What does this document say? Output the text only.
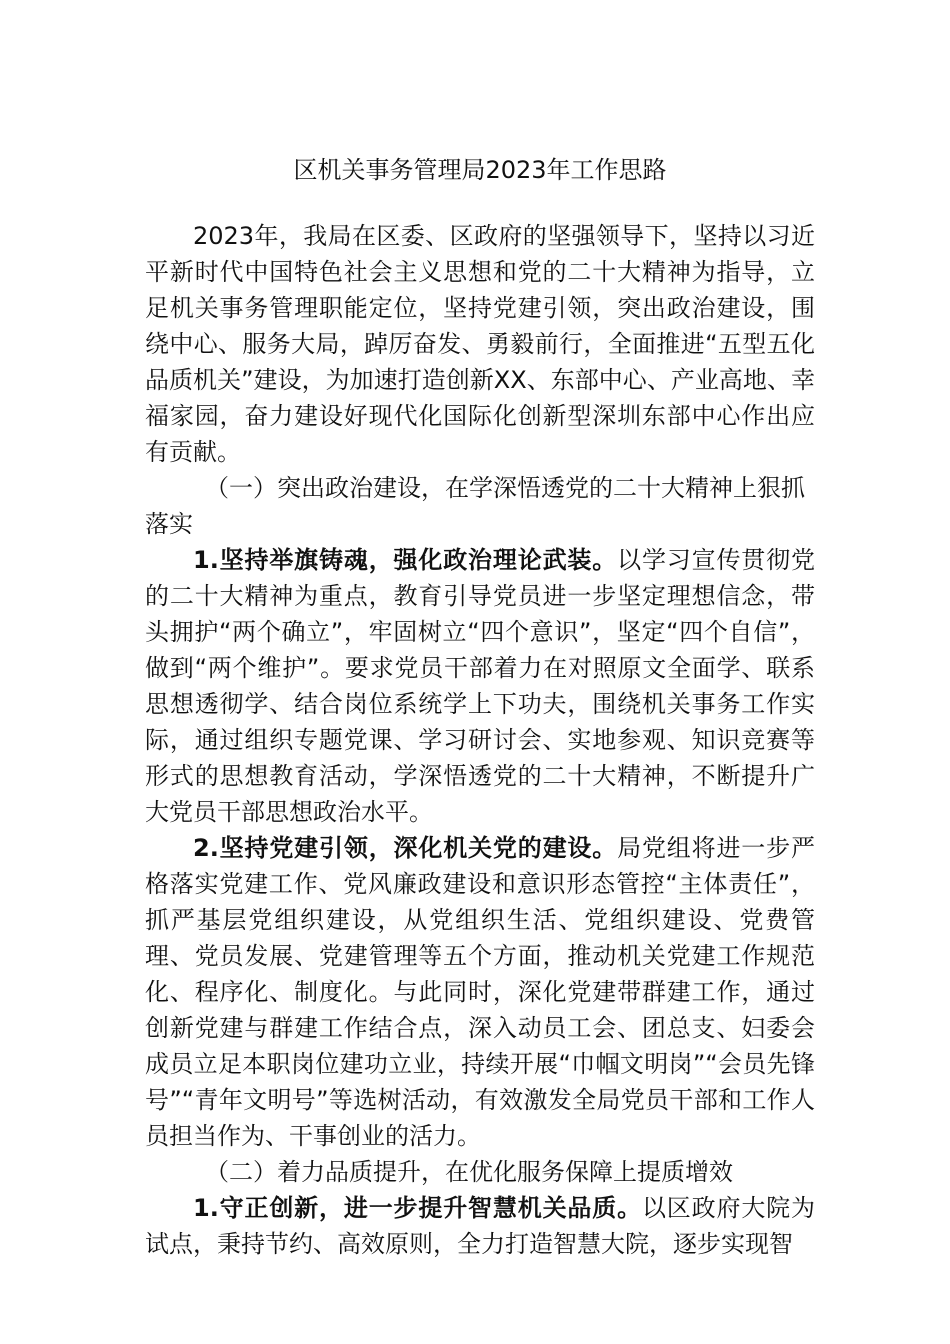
区机关事务管理局2023年工作思路

2023年，我局在区委、区政府的坚强领导下，坚持以习近平新时代中国特色社会主义思想和党的二十大精神为指导，立足机关事务管理职能定位，坚持党建引领，突出政治建设，围绕中心、服务大局，踔厉奋发、勇毅前行，全面推进“五型五化品质机关”建设，为加速打造创新XX、东部中心、产业高地、幸福家园，奋力建设好现代化国际化创新型深圳东部中心作出应有贡献。

（一）突出政治建设，在学深悟透党的二十大精神上狠抓落实

1.坚持举旗铸魂，强化政治理论武装。以学习宣传贯彻党的二十大精神为重点，教育引导党员进一步坚定理想信念，带头拥护“两个确立”，牢固树立“四个意识”，坚定“四个自信”，做到“两个维护”。要求党员干部着力在对照原文全面学、联系思想透彻学、结合岗位系统学上下功夫，围绕机关事务工作实际，通过组织专题党课、学习研讨会、实地参观、知识竞赛等形式的思想教育活动，学深悟透党的二十大精神，不断提升广大党员干部思想政治水平。

2.坚持党建引领，深化机关党的建设。局党组将进一步严格落实党建工作、党风廉政建设和意识形态管控“主体责任”，抓严基层党组织建设，从党组织生活、党组织建设、党费管理、党员发展、党建管理等五个方面，推动机关党建工作规范化、程序化、制度化。与此同时，深化党建带群建工作，通过创新党建与群建工作结合点，深入动员工会、团总支、妇委会成员立足本职岗位建功立业，持续开展“巾帼文明岗”“会员先锋号”“青年文明号”等选树活动，有效激发全局党员干部和工作人员担当作为、干事创业的活力。

（二）着力品质提升，在优化服务保障上提质增效

1.守正创新，进一步提升智慧机关品质。以区政府大院为试点，秉持节约、高效原则，全力打造智慧大院，逐步实现智
